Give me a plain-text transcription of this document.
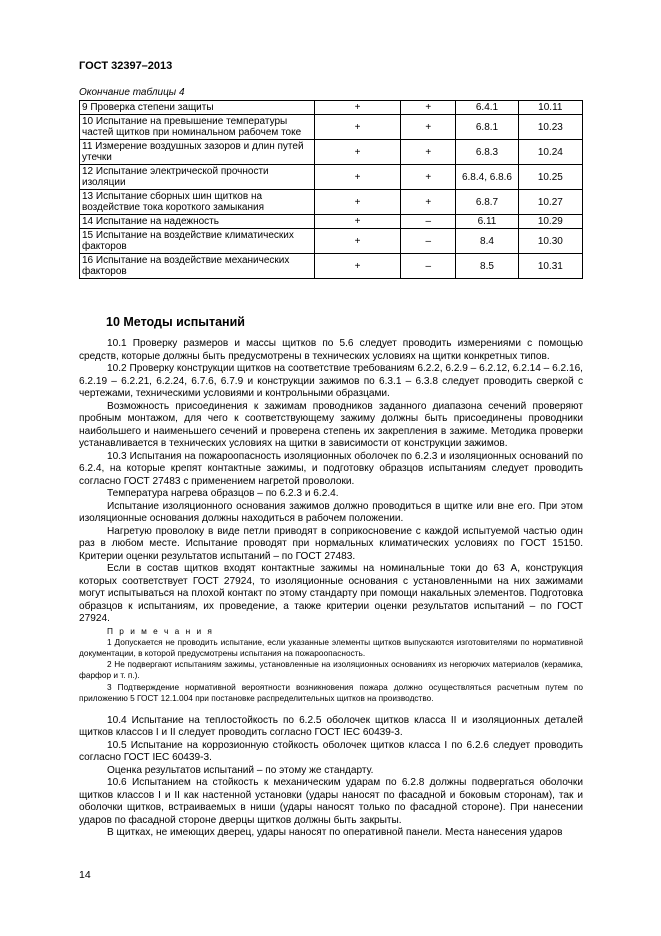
ГОСТ 32397–2013
Окончание таблицы 4
9 Проверка степени защиты	+	+	6.4.1	10.11
10 Испытание на превышение температуры частей щитков при номинальном рабочем токе	+	+	6.8.1	10.23
11 Измерение воздушных зазоров и длин путей утечки	+	+	6.8.3	10.24
12 Испытание электрической прочности изоляции	+	+	6.8.4, 6.8.6	10.25
13 Испытание сборных шин щитков на воздействие тока короткого замыкания	+	+	6.8.7	10.27
14 Испытание на надежность	+	–	6.11	10.29
15 Испытание на воздействие климатических факторов	+	–	8.4	10.30
16 Испытание на воздействие механических факторов	+	–	8.5	10.31
10 Методы испытаний

10.1 Проверку размеров и массы щитков по 5.6 следует проводить измерениями с помощью средств, которые должны быть предусмотрены в технических условиях на щитки конкретных типов.

10.2 Проверку конструкции щитков на соответствие требованиям 6.2.2, 6.2.9 – 6.2.12, 6.2.14 – 6.2.16, 6.2.19 – 6.2.21, 6.2.24, 6.7.6, 6.7.9 и конструкции зажимов по 6.3.1 – 6.3.8 следует проводить сверкой с чертежами, техническими условиями и контрольными образцами.

Возможность присоединения к зажимам проводников заданного диапазона сечений проверяют пробным монтажом, для чего к соответствующему зажиму должны быть присоединены проводники наибольшего и наименьшего сечений и проверена степень их закрепления в зажиме. Методика проверки устанавливается в технических условиях на щитки в зависимости от конструкции зажимов.

10.3 Испытания на пожароопасность изоляционных оболочек по 6.2.3 и изоляционных оснований по 6.2.4, на которые крепят контактные зажимы, и подготовку образцов испытаниям следует проводить согласно ГОСТ 27483 с применением нагретой проволоки.

Температура нагрева образцов – по 6.2.3 и 6.2.4.

Испытание изоляционного основания зажимов должно проводиться в щитке или вне его. При этом изоляционные основания должны находиться в рабочем положении.

Нагретую проволоку в виде петли приводят в соприкосновение с каждой испытуемой частью один раз в любом месте. Испытание проводят при нормальных климатических условиях по ГОСТ 15150. Критерии оценки результатов испытаний – по ГОСТ 27483.

Если в состав щитков входят контактные зажимы на номинальные токи до 63 А, конструкция которых соответствует ГОСТ 27924, то изоляционные основания с установленными на них зажимами могут испытываться на плохой контакт по этому стандарту при помощи накальных элементов. Подготовка образцов к испытаниям, их проведение, а также критерии оценки результатов испытаний – по ГОСТ 27924.

П р и м е ч а н и я

1 Допускается не проводить испытание, если указанные элементы щитков выпускаются изготовителями по нормативной документации, в которой предусмотрены испытания на пожароопасность.

2 Не подвергают испытаниям зажимы, установленные на изоляционных основаниях из негорючих материалов (керамика, фарфор и т. п.).

3 Подтверждение нормативной вероятности возникновения пожара должно осуществляться расчетным путем по приложению 5 ГОСТ 12.1.004 при постановке распределительных щитков на производство.

10.4 Испытание на теплостойкость по 6.2.5 оболочек щитков класса II и изоляционных деталей щитков классов I и II следует проводить согласно ГОСТ IEC 60439-3.

10.5 Испытание на коррозионную стойкость оболочек щитков класса I по 6.2.6 следует проводить согласно ГОСТ IEC 60439-3.

Оценка результатов испытаний – по этому же стандарту.

10.6 Испытанием на стойкость к механическим ударам по 6.2.8 должны подвергаться оболочки щитков классов I и II как настенной установки (удары наносят по фасадной и боковым сторонам), так и оболочки щитков, встраиваемых в ниши (удары наносят только по фасадной стороне). При нанесении ударов по фасадной стороне дверцы щитков должны быть закрыты.

В щитках, не имеющих дверец, удары наносят по оперативной панели. Места нанесения ударов

14
